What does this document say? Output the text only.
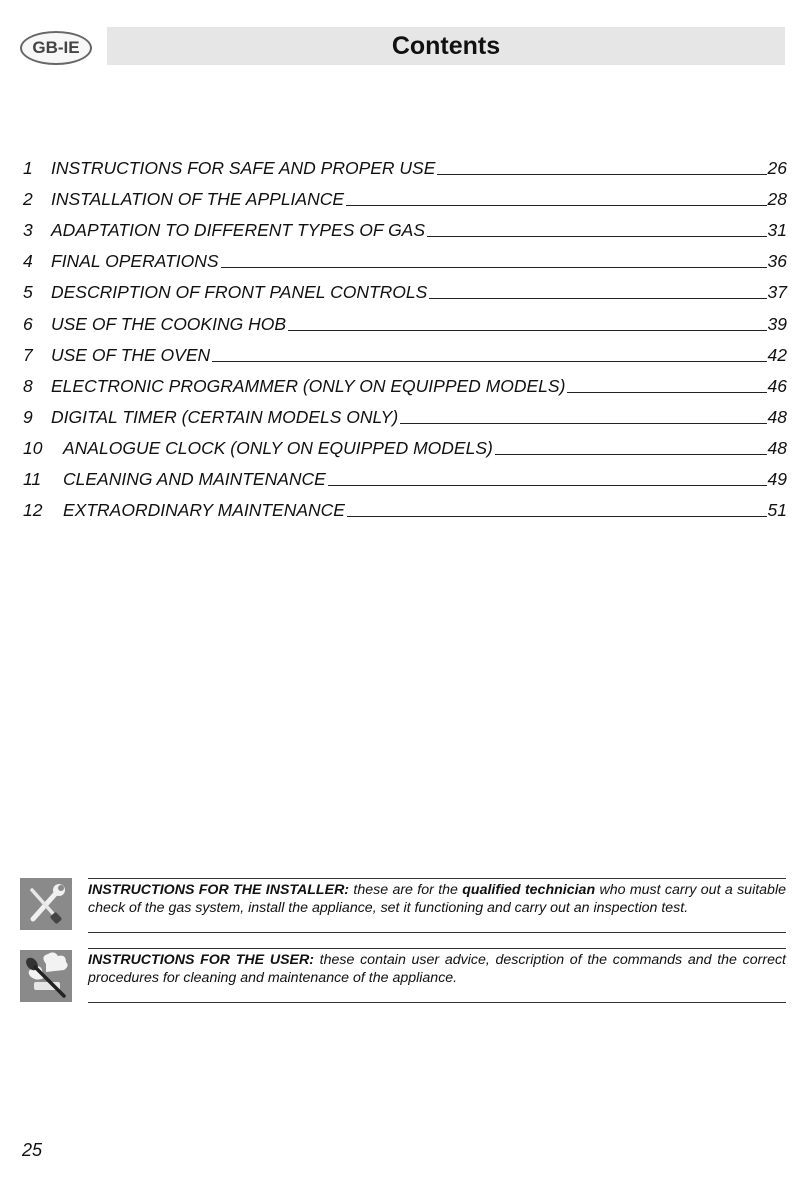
GB-IE	Contents
1	INSTRUCTIONS FOR SAFE AND PROPER USE	26
2	INSTALLATION OF THE APPLIANCE	28
3	ADAPTATION TO DIFFERENT TYPES OF GAS	31
4	FINAL OPERATIONS	36
5	DESCRIPTION OF FRONT PANEL CONTROLS	37
6	USE OF THE COOKING HOB	39
7	USE OF THE OVEN	42
8	ELECTRONIC PROGRAMMER (ONLY ON EQUIPPED MODELS)	46
9	DIGITAL TIMER (CERTAIN MODELS ONLY)	48
10	ANALOGUE CLOCK (ONLY ON EQUIPPED MODELS)	48
11	CLEANING AND MAINTENANCE	49
12	EXTRAORDINARY MAINTENANCE	51
INSTRUCTIONS FOR THE INSTALLER: these are for the qualified technician who must carry out a suitable check of the gas system, install the appliance, set it functioning and carry out an inspection test.
INSTRUCTIONS FOR THE USER: these contain user advice, description of the commands and the correct procedures for cleaning and maintenance of the appliance.
25
